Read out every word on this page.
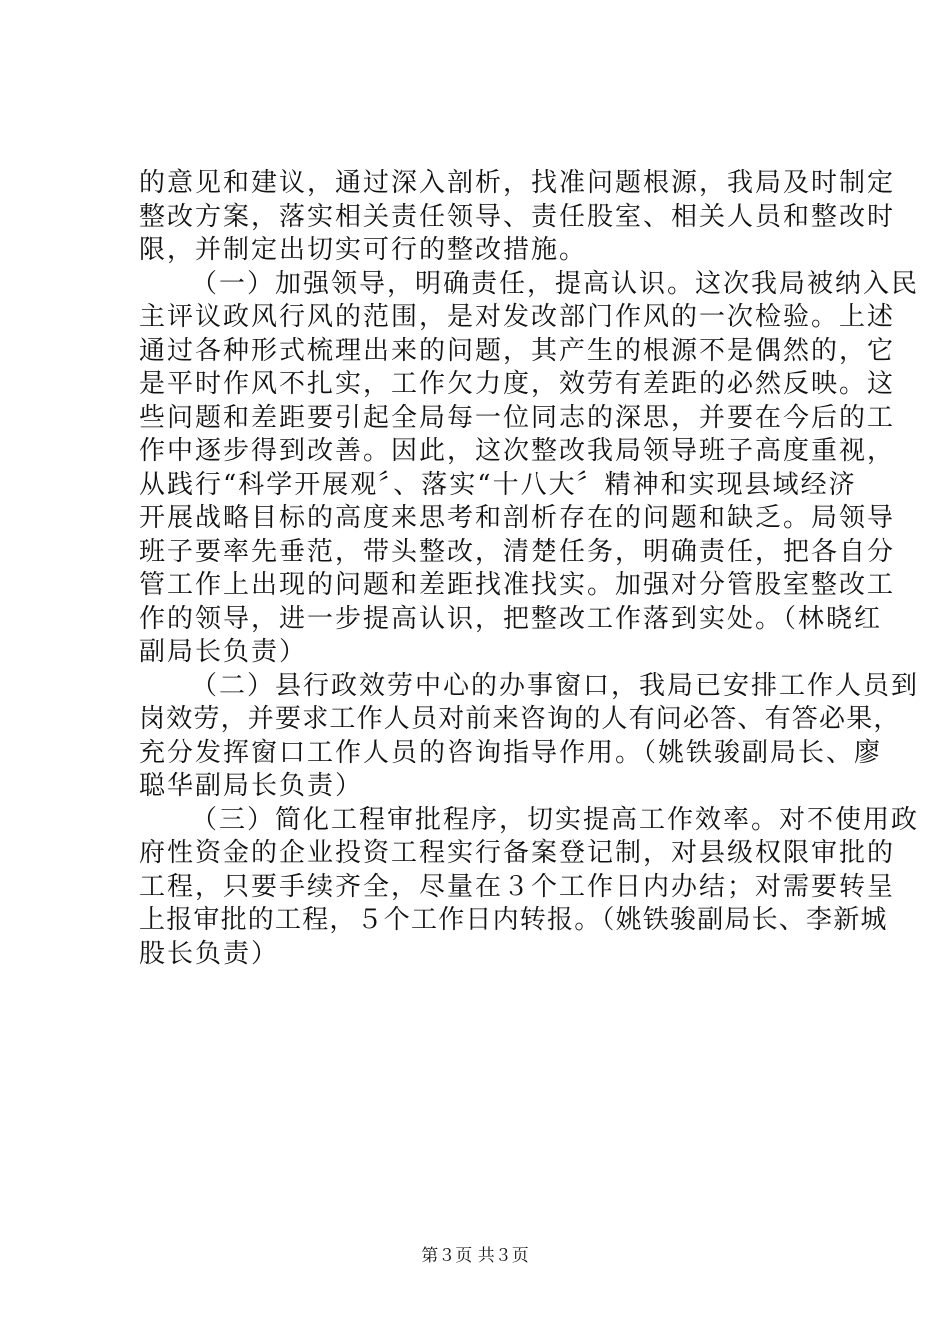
的意见和建议，通过深入剖析，找准问题根源，我局及时制定
整改方案，落实相关责任领导、责任股室、相关人员和整改时
限，并制定出切实可行的整改措施。
（一）加强领导，明确责任，提高认识。这次我局被纳入民
主评议政风行风的范围，是对发改部门作风的一次检验。上述
通过各种形式梳理出来的问题，其产生的根源不是偶然的，它
是平时作风不扎实，工作欠力度，效劳有差距的必然反映。这
些问题和差距要引起全局每一位同志的深思，并要在今后的工
作中逐步得到改善。因此，这次整改我局领导班子高度重视，
从践行“科学开展观〞、落实“十八大〞精神和实现县域经济
开展战略目标的高度来思考和剖析存在的问题和缺乏。局领导
班子要率先垂范，带头整改，清楚任务，明确责任，把各自分
管工作上出现的问题和差距找准找实。加强对分管股室整改工
作的领导，进一步提高认识，把整改工作落到实处。（林晓红
副局长负责）
（二）县行政效劳中心的办事窗口，我局已安排工作人员到
岗效劳，并要求工作人员对前来咨询的人有问必答、有答必果，
充分发挥窗口工作人员的咨询指导作用。（姚铁骏副局长、廖
聪华副局长负责）
（三）简化工程审批程序，切实提高工作效率。对不使用政
府性资金的企业投资工程实行备案登记制，对县级权限审批的
工程，只要手续齐全，尽量在３个工作日内办结；对需要转呈
上报审批的工程，５个工作日内转报。（姚铁骏副局长、李新城
股长负责）
第３页 共３页
